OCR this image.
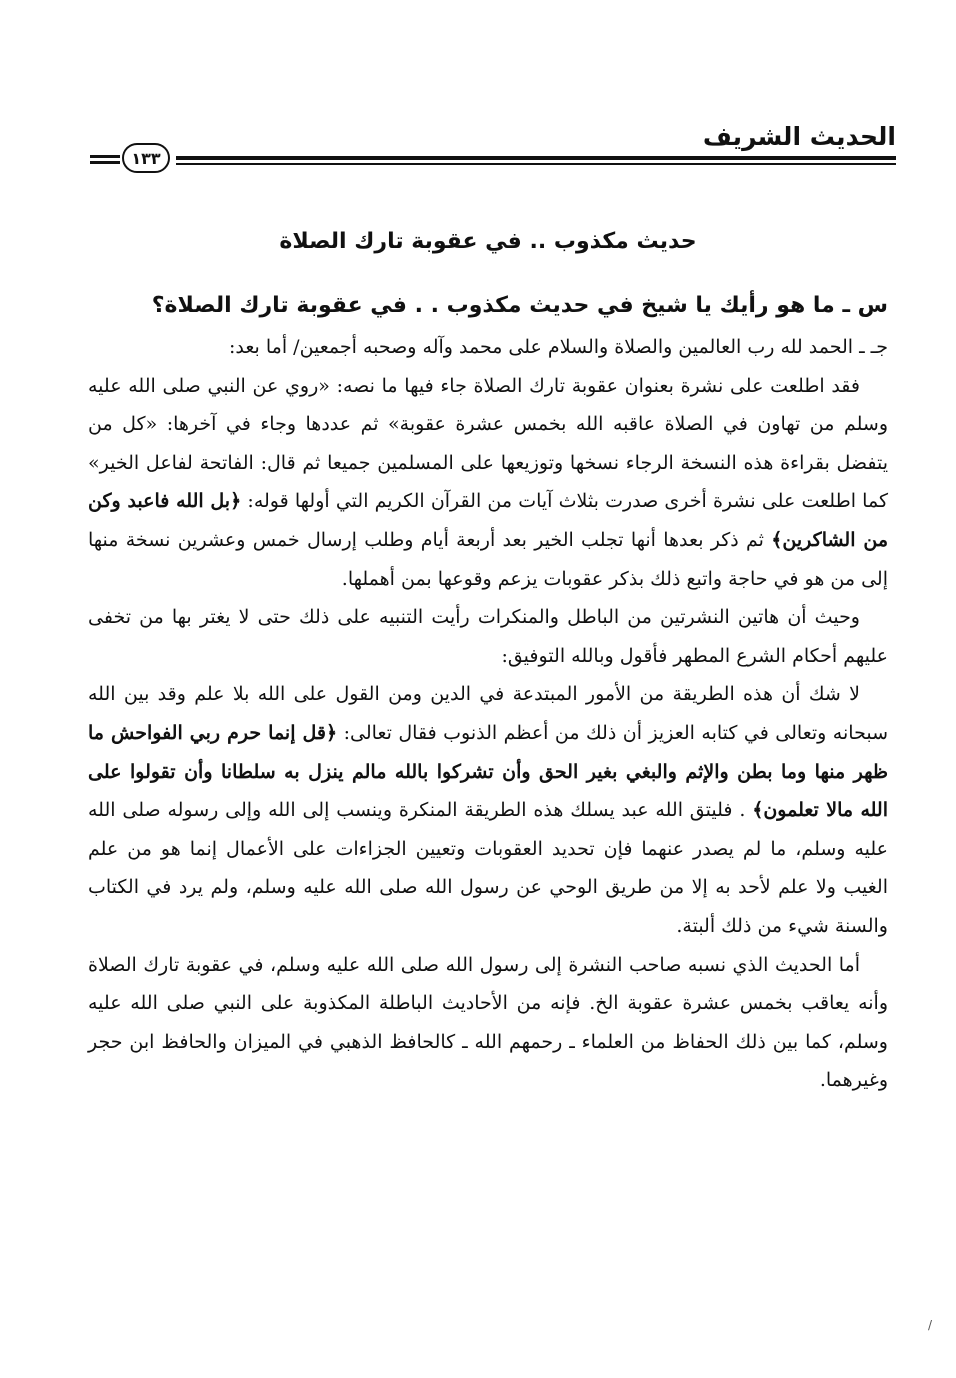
الحديث الشريف
١٣٣
حديث مكذوب .. في عقوبة تارك الصلاة

س ـ ما هو رأيك يا شيخ في حديث مكذوب . . في عقوبة تارك الصلاة؟

جـ ـ الحمد لله رب العالمين والصلاة والسلام على محمد وآله وصحبه أجمعين/ أما بعد:

فقد اطلعت على نشرة بعنوان عقوبة تارك الصلاة جاء فيها ما نصه: «روي عن النبي صلى الله عليه وسلم من تهاون في الصلاة عاقبه الله بخمس عشرة عقوبة» ثم عددها وجاء في آخرها: «كل من يتفضل بقراءة هذه النسخة الرجاء نسخها وتوزيعها على المسلمين جميعا ثم قال: الفاتحة لفاعل الخير» كما اطلعت على نشرة أخرى صدرت بثلاث آيات من القرآن الكريم التي أولها قوله: ﴿بل الله فاعبد وكن من الشاكرين﴾ ثم ذكر بعدها أنها تجلب الخير بعد أربعة أيام وطلب إرسال خمس وعشرين نسخة منها إلى من هو في حاجة واتبع ذلك بذكر عقوبات يزعم وقوعها بمن أهملها.

وحيث أن هاتين النشرتين من الباطل والمنكرات رأيت التنبيه على ذلك حتى لا يغتر بها من تخفى عليهم أحكام الشرع المطهر فأقول وبالله التوفيق:

لا شك أن هذه الطريقة من الأمور المبتدعة في الدين ومن القول على الله بلا علم وقد بين الله سبحانه وتعالى في كتابه العزيز أن ذلك من أعظم الذنوب فقال تعالى: ﴿قل إنما حرم ربي الفواحش ما ظهر منها وما بطن والإثم والبغي بغير الحق وأن تشركوا بالله مالم ينزل به سلطانا وأن تقولوا على الله مالا تعلمون﴾ . فليتق الله عبد يسلك هذه الطريقة المنكرة وينسب إلى الله وإلى رسوله صلى الله عليه وسلم، ما لم يصدر عنهما فإن تحديد العقوبات وتعيين الجزاءات على الأعمال إنما هو من علم الغيب ولا علم لأحد به إلا من طريق الوحي عن رسول الله صلى الله عليه وسلم، ولم يرد في الكتاب والسنة شيء من ذلك ألبتة.

أما الحديث الذي نسبه صاحب النشرة إلى رسول الله صلى الله عليه وسلم، في عقوبة تارك الصلاة وأنه يعاقب بخمس عشرة عقوبة الخ. فإنه من الأحاديث الباطلة المكذوبة على النبي صلى الله عليه وسلم، كما بين ذلك الحفاظ من العلماء ـ رحمهم الله ـ كالحافظ الذهبي في الميزان والحافظ ابن حجر وغيرهما.

/
